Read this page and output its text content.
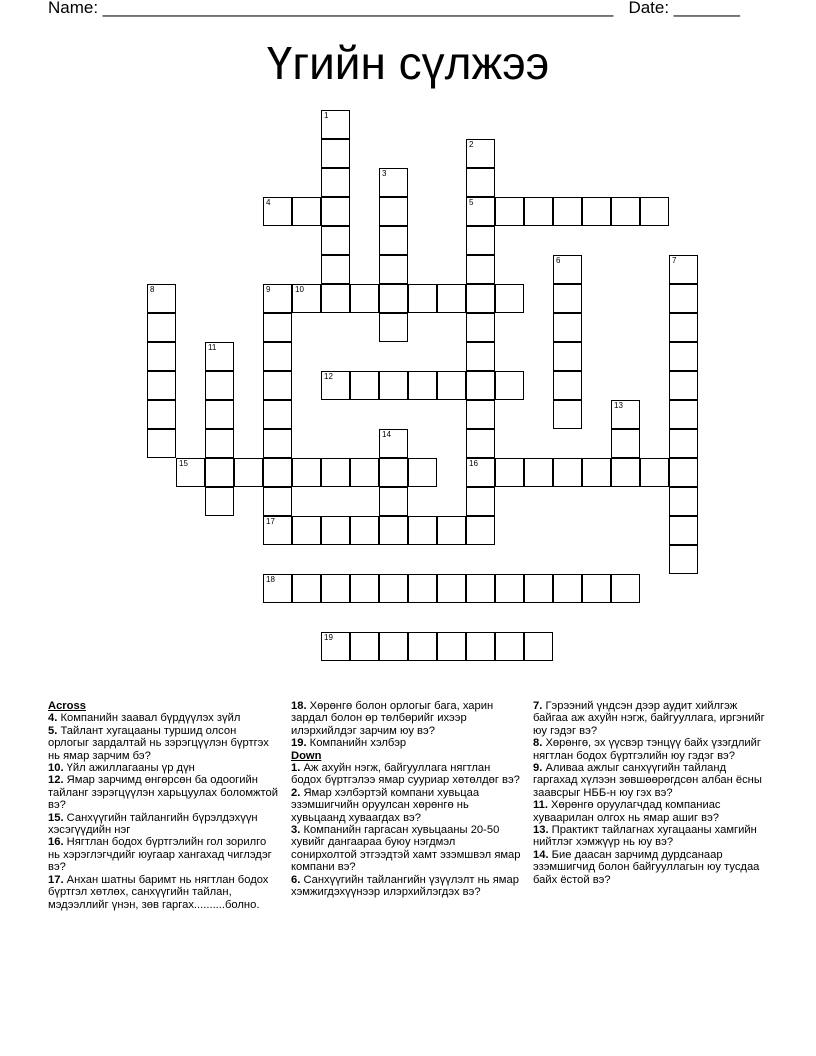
Name: ______________________________________________________ Date: _______
Үгийн сүлжээ
1
2
5
16
3
4
6	7
8	9	10
11
12
13
14
15
17
18
19
Across
4. Компанийн заавал бүрдүүлэх зүйл
5. Тайлант хугацааны туршид олсон орлогыг зардалтай нь зэрэгцүүлэн бүртгэх нь ямар зарчим бэ?
10. Үйл ажиллагааны үр дүн
12. Ямар зарчимд өнгөрсөн ба одоогийн тайланг зэрэгцүүлэн харьцуулах боломжтой вэ?
15. Санхүүгийн тайлангийн бүрэлдэхүүн хэсэгүүдийн нэг
16. Нягтлан бодох бүртгэлийн гол зорилго нь хэрэглэгчдийг юугаар хангахад чиглэдэг вэ?
17. Анхан шатны баримт нь нягтлан бодох бүртгэл хөтлөх, санхүүгийн тайлан, мэдээллийг үнэн, зөв гаргах..........болно.
18. Хөрөнгө болон орлогыг бага, харин зардал болон өр төлбөрийг ихээр илэрхийлдэг зарчим юу вэ?
19. Компанийн хэлбэр
Down
1. Аж ахуйн нэгж, байгууллага нягтлан бодох бүртгэлээ ямар сууриар хөтөлдөг вэ?
2. Ямар хэлбэртэй компани хувьцаа эзэмшигчийн оруулсан хөрөнгө нь хувьцаанд хуваагдах вэ?
3. Компанийн гаргасан хувьцааны 20-50 хувийг дангаараа буюу нэгдмэл сонирхолтой этгээдтэй хамт эзэмшвэл ямар компани вэ?
6. Санхүүгийн тайлангийн үзүүлэлт нь ямар хэмжигдэхүүнээр илэрхийлэгдэх вэ?
7. Гэрээний үндсэн дээр аудит хийлгэж байгаа аж ахуйн нэгж, байгууллага, иргэнийг юу гэдэг вэ?
8. Хөрөнгө, эх үүсвэр тэнцүү байх үзэгдлийг нягтлан бодох бүртгэлийн юу гэдэг вэ?
9. Аливаа ажлыг санхүүгийн тайланд гаргахад хүлээн зөвшөөрөгдсөн албан ёсны заавсрыг НББ-н юу гэх вэ?
11. Хөрөнгө оруулагчдад компаниас хуваарилан олгох нь ямар ашиг вэ?
13. Практикт тайлагнах хугацааны хамгийн нийтлэг хэмжүүр нь юу вэ?
14. Бие даасан зарчимд дурдсанаар эзэмшигчид болон байгууллагын юу тусдаа байх ёстой вэ?
